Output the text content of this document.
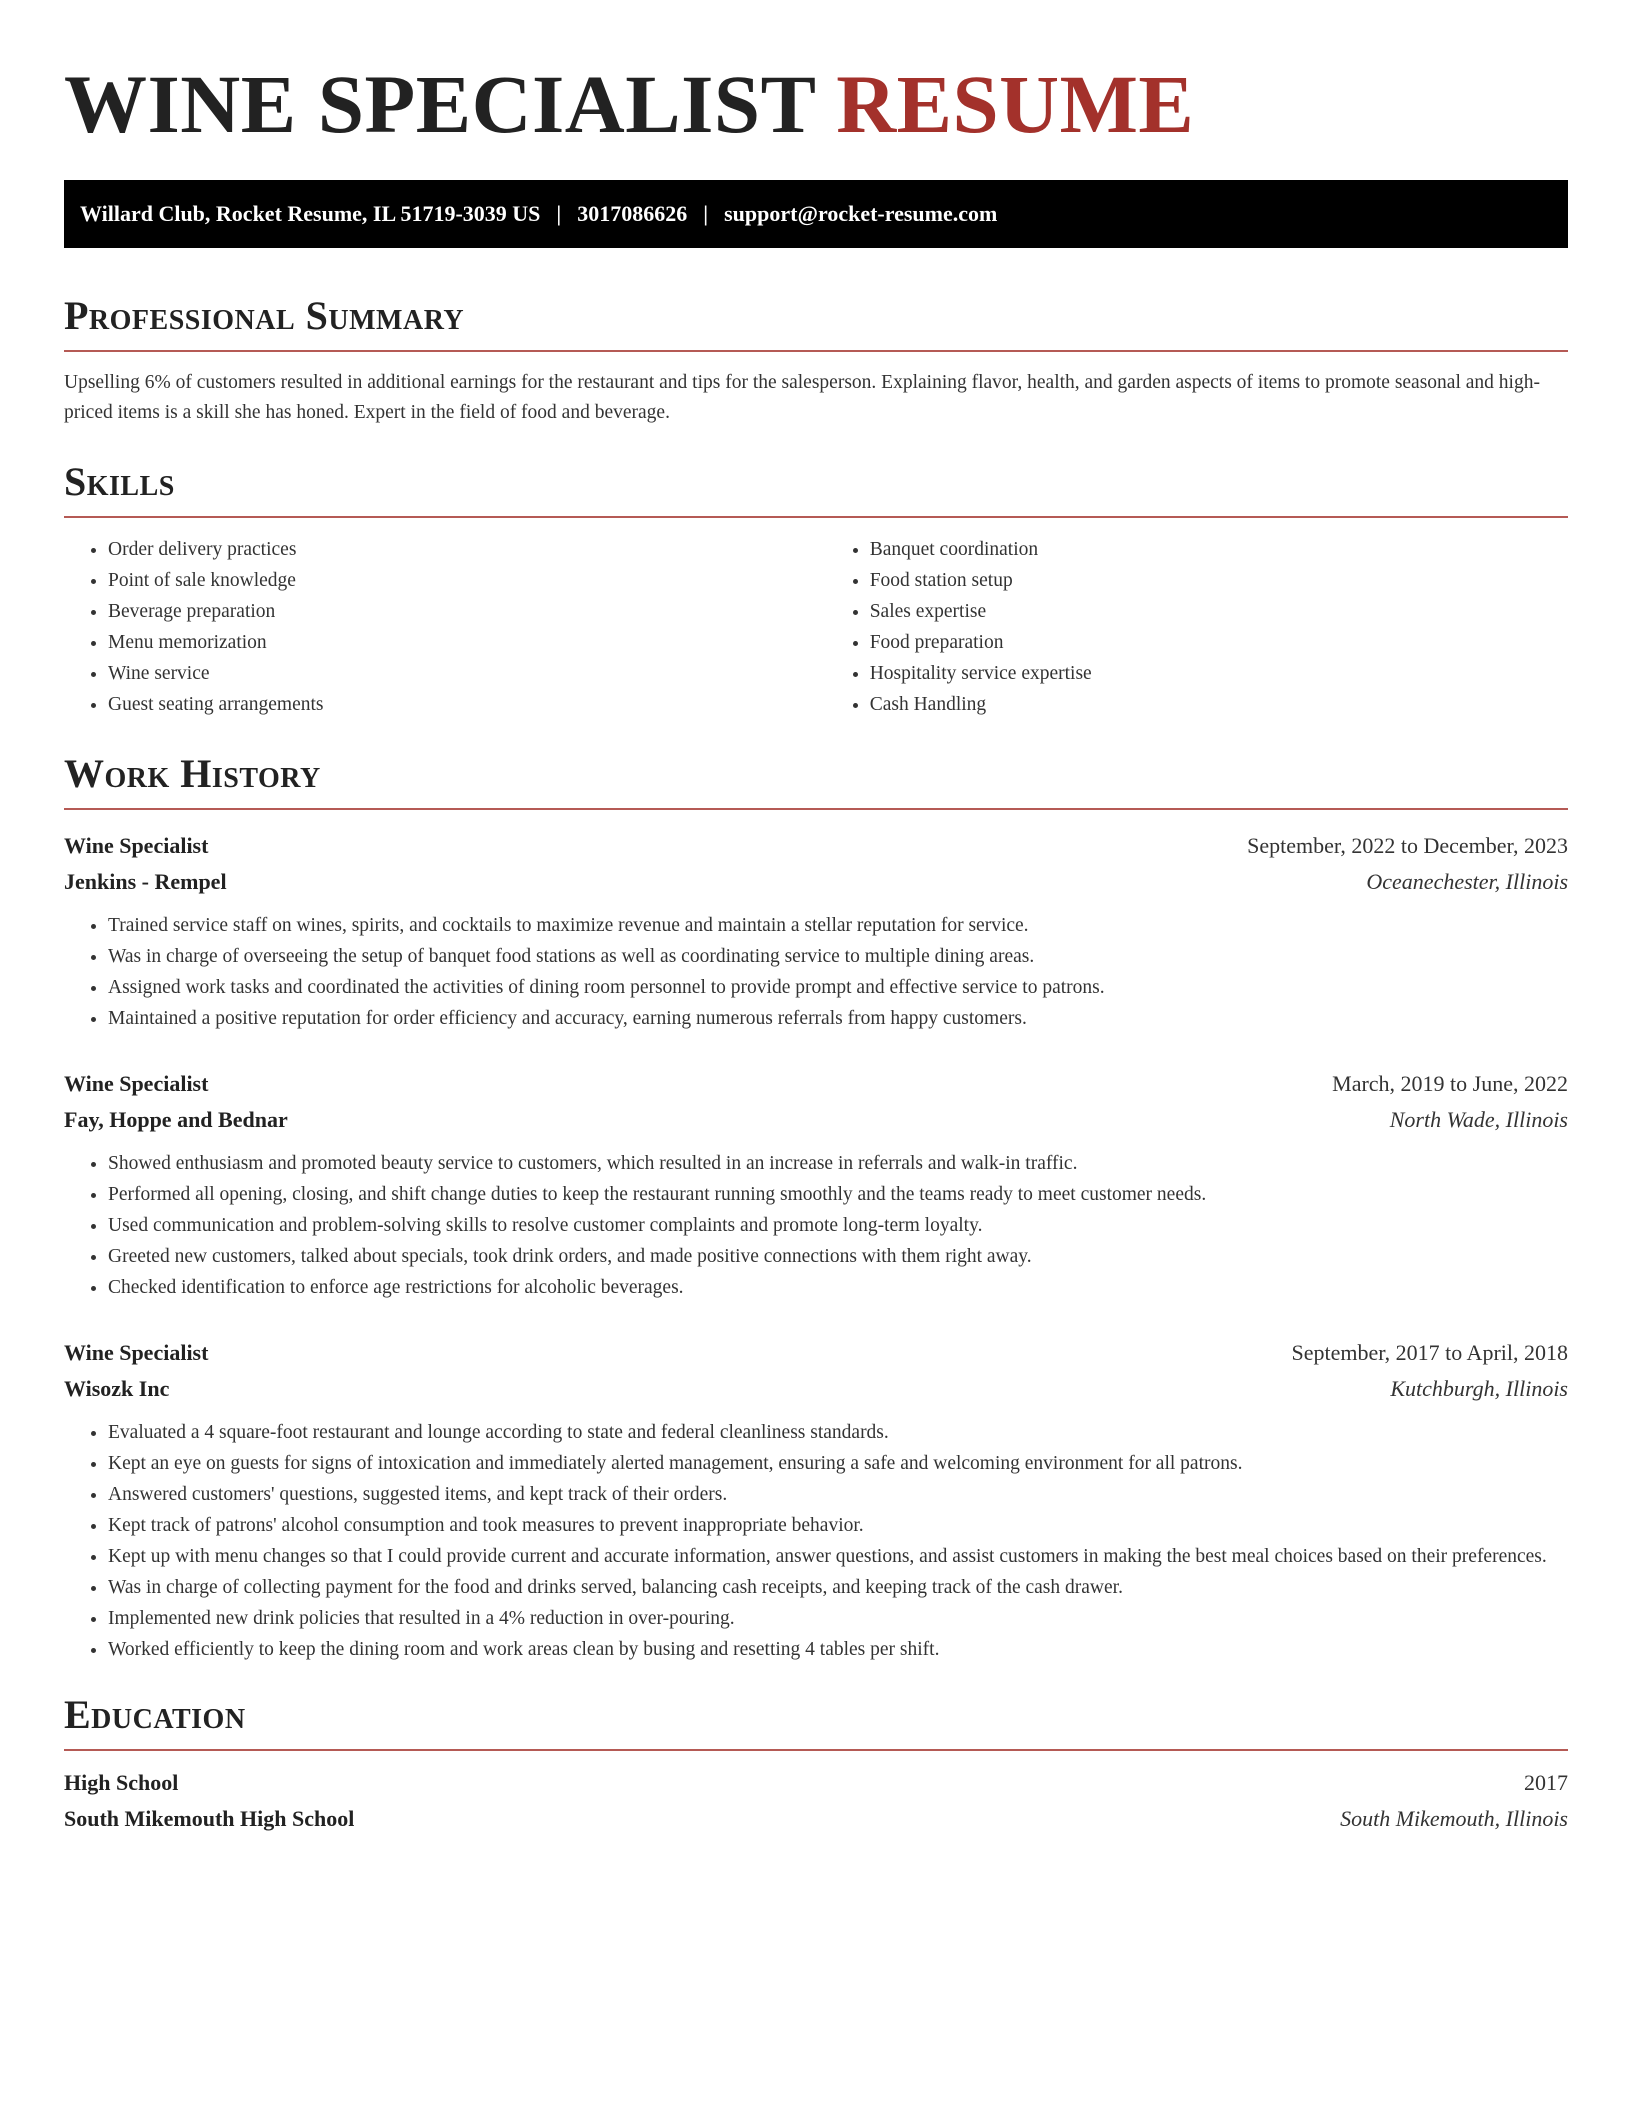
WINE SPECIALIST RESUME
Willard Club, Rocket Resume, IL 51719-3039 US | 3017086626 | support@rocket-resume.com
Professional Summary
Upselling 6% of customers resulted in additional earnings for the restaurant and tips for the salesperson. Explaining flavor, health, and garden aspects of items to promote seasonal and high-priced items is a skill she has honed. Expert in the field of food and beverage.
Skills
• Order delivery practices
• Point of sale knowledge
• Beverage preparation
• Menu memorization
• Wine service
• Guest seating arrangements
• Banquet coordination
• Food station setup
• Sales expertise
• Food preparation
• Hospitality service expertise
• Cash Handling
Work History
Wine Specialist	September, 2022 to December, 2023
Jenkins - Rempel	Oceanechester, Illinois
• Trained service staff on wines, spirits, and cocktails to maximize revenue and maintain a stellar reputation for service.
• Was in charge of overseeing the setup of banquet food stations as well as coordinating service to multiple dining areas.
• Assigned work tasks and coordinated the activities of dining room personnel to provide prompt and effective service to patrons.
• Maintained a positive reputation for order efficiency and accuracy, earning numerous referrals from happy customers.
Wine Specialist	March, 2019 to June, 2022
Fay, Hoppe and Bednar	North Wade, Illinois
• Showed enthusiasm and promoted beauty service to customers, which resulted in an increase in referrals and walk-in traffic.
• Performed all opening, closing, and shift change duties to keep the restaurant running smoothly and the teams ready to meet customer needs.
• Used communication and problem-solving skills to resolve customer complaints and promote long-term loyalty.
• Greeted new customers, talked about specials, took drink orders, and made positive connections with them right away.
• Checked identification to enforce age restrictions for alcoholic beverages.
Wine Specialist	September, 2017 to April, 2018
Wisozk Inc	Kutchburgh, Illinois
• Evaluated a 4 square-foot restaurant and lounge according to state and federal cleanliness standards.
• Kept an eye on guests for signs of intoxication and immediately alerted management, ensuring a safe and welcoming environment for all patrons.
• Answered customers' questions, suggested items, and kept track of their orders.
• Kept track of patrons' alcohol consumption and took measures to prevent inappropriate behavior.
• Kept up with menu changes so that I could provide current and accurate information, answer questions, and assist customers in making the best meal choices based on their preferences.
• Was in charge of collecting payment for the food and drinks served, balancing cash receipts, and keeping track of the cash drawer.
• Implemented new drink policies that resulted in a 4% reduction in over-pouring.
• Worked efficiently to keep the dining room and work areas clean by busing and resetting 4 tables per shift.
Education
High School	2017
South Mikemouth High School	South Mikemouth, Illinois
